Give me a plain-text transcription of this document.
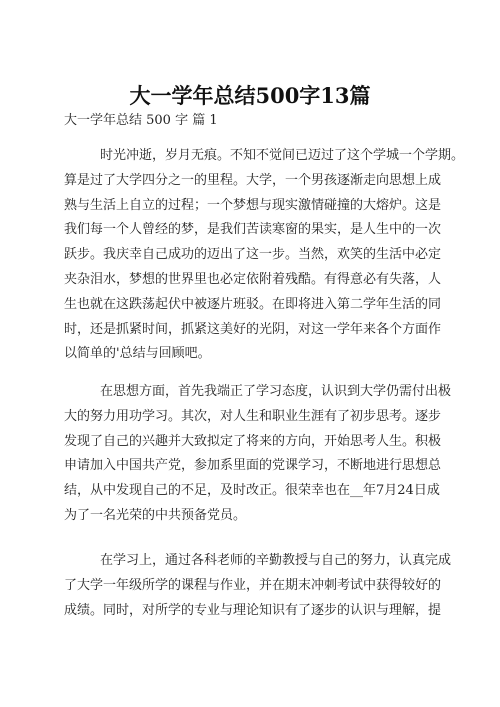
大一学年总结500字13篇
大一学年总结 500 字 篇 1
时光冲逝，岁月无痕。不知不觉间已迈过了这个学城一个学期。
算是过了大学四分之一的里程。大学，一个男孩逐渐走向思想上成
熟与生活上自立的过程；一个梦想与现实激情碰撞的大熔炉。这是
我们每一个人曾经的梦，是我们苦读寒窗的果实，是人生中的一次
跃步。我庆幸自己成功的迈出了这一步。当然，欢笑的生活中必定
夹杂泪水，梦想的世界里也必定依附着残酷。有得意必有失落，人
生也就在这跌荡起伏中被逐片班驳。在即将进入第二学年生活的同
时，还是抓紧时间，抓紧这美好的光阴，对这一学年来各个方面作
以简单的'总结与回顾吧。
在思想方面，首先我端正了学习态度，认识到大学仍需付出极
大的努力用功学习。其次，对人生和职业生涯有了初步思考。逐步
发现了自己的兴趣并大致拟定了将来的方向，开始思考人生。积极
申请加入中国共产党，参加系里面的党课学习，不断地进行思想总
结，从中发现自己的不足，及时改正。很荣幸也在__年7月24日成
为了一名光荣的中共预备党员。
在学习上，通过各科老师的辛勤教授与自己的努力，认真完成
了大学一年级所学的课程与作业，并在期末冲刺考试中获得较好的
成绩。同时，对所学的专业与理论知识有了逐步的认识与理解，提
